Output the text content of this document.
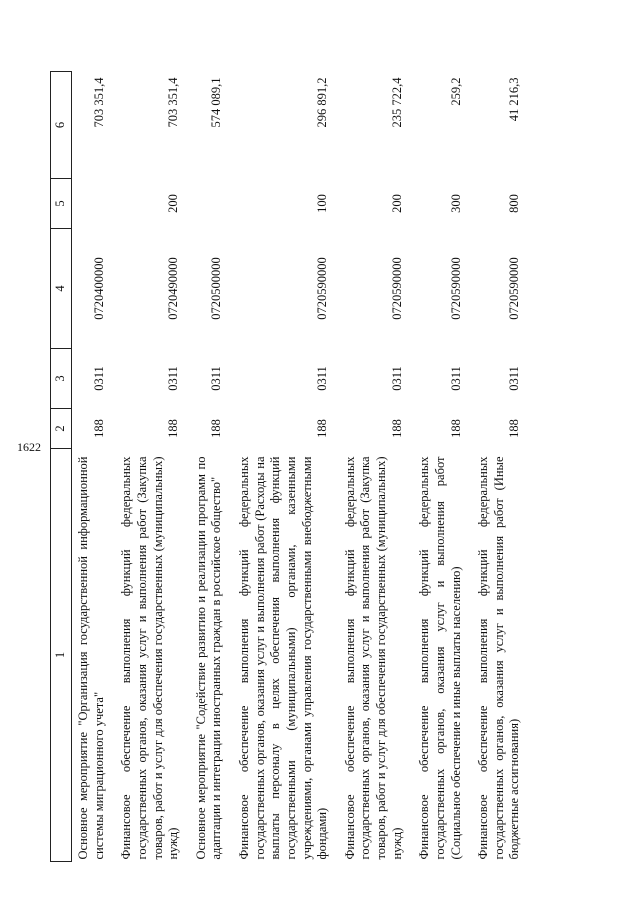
1622
1	2	3	4	5	6
Основное мероприятие "Организация государственной информационной системы миграционного учета"	188	0311	0720400000		703 351,4
Финансовое обеспечение выполнения функций федеральных государственных органов, оказания услуг и выполнения работ (Закупка товаров, работ и услуг для обеспечения государственных (муниципальных) нужд)	188	0311	0720490000	200	703 351,4
Основное мероприятие "Содействие развитию и реализации программ по адаптации и интеграции иностранных граждан в российское общество"	188	0311	0720500000		574 089,1
Финансовое обеспечение выполнения функций федеральных государственных органов, оказания услуг и выполнения работ (Расходы на выплаты персоналу в целях обеспечения выполнения функций государственными (муниципальными) органами, казенными учреждениями, органами управления государственными внебюджетными фондами)	188	0311	0720590000	100	296 891,2
Финансовое обеспечение выполнения функций федеральных государственных органов, оказания услуг и выполнения работ (Закупка товаров, работ и услуг для обеспечения государственных (муниципальных) нужд)	188	0311	0720590000	200	235 722,4
Финансовое обеспечение выполнения функций федеральных государственных органов, оказания услуг и выполнения работ (Социальное обеспечение и иные выплаты населению)	188	0311	0720590000	300	259,2
Финансовое обеспечение выполнения функций федеральных государственных органов, оказания услуг и выполнения работ (Иные бюджетные ассигнования)	188	0311	0720590000	800	41 216,3
